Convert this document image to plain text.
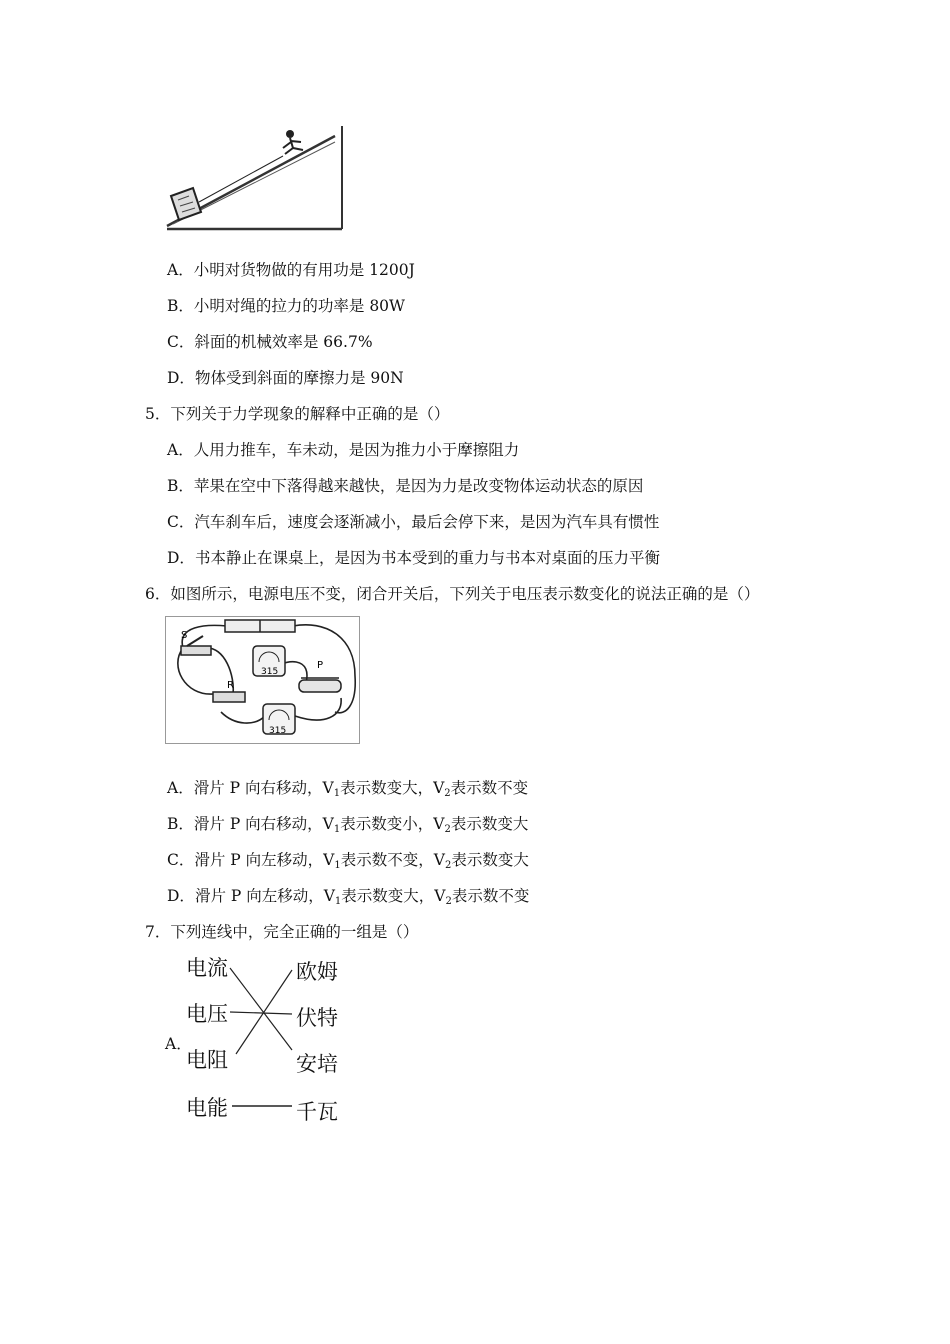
A．小明对货物做的有用功是 1200J
B．小明对绳的拉力的功率是 80W
C．斜面的机械效率是 66.7%
D．物体受到斜面的摩擦力是 90N
5．下列关于力学现象的解释中正确的是（）
A．人用力推车，车未动，是因为推力小于摩擦阻力
B．苹果在空中下落得越来越快，是因为力是改变物体运动状态的原因
C．汽车刹车后，速度会逐渐减小，最后会停下来，是因为汽车具有惯性
D．书本静止在课桌上，是因为书本受到的重力与书本对桌面的压力平衡
6．如图所示，电源电压不变，闭合开关后，下列关于电压表示数变化的说法正确的是（）
S
R
315
P
315
A．滑片 P 向右移动，$V_1$表示数变大，$V_2$表示数不变
B．滑片 P 向右移动，$V_1$表示数变小，$V_2$表示数变大
C．滑片 P 向左移动，$V_1$表示数不变，$V_2$表示数变大
D．滑片 P 向左移动，$V_1$表示数变大，$V_2$表示数不变
7．下列连线中，完全正确的一组是（）
A．
电流
电压
电阻
电能
欧姆
伏特
安培
千瓦
